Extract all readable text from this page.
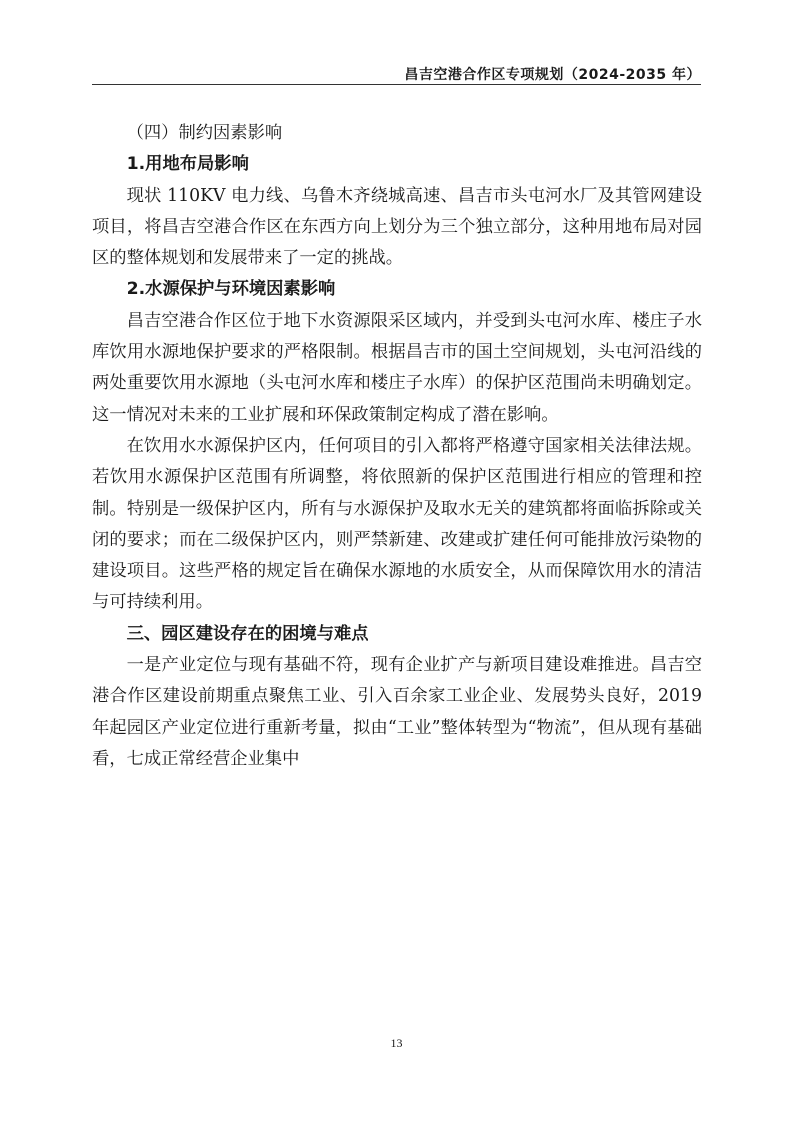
昌吉空港合作区专项规划（2024-2035 年）

（四）制约因素影响

1.用地布局影响

现状 110KV 电力线、乌鲁木齐绕城高速、昌吉市头屯河水厂及其管网建设项目，将昌吉空港合作区在东西方向上划分为三个独立部分，这种用地布局对园区的整体规划和发展带来了一定的挑战。

2.水源保护与环境因素影响

昌吉空港合作区位于地下水资源限采区域内，并受到头屯河水库、楼庄子水库饮用水源地保护要求的严格限制。根据昌吉市的国土空间规划，头屯河沿线的两处重要饮用水源地（头屯河水库和楼庄子水库）的保护区范围尚未明确划定。这一情况对未来的工业扩展和环保政策制定构成了潜在影响。

在饮用水水源保护区内，任何项目的引入都将严格遵守国家相关法律法规。若饮用水源保护区范围有所调整，将依照新的保护区范围进行相应的管理和控制。特别是一级保护区内，所有与水源保护及取水无关的建筑都将面临拆除或关闭的要求；而在二级保护区内，则严禁新建、改建或扩建任何可能排放污染物的建设项目。这些严格的规定旨在确保水源地的水质安全，从而保障饮用水的清洁与可持续利用。

三、园区建设存在的困境与难点

一是产业定位与现有基础不符，现有企业扩产与新项目建设难推进。昌吉空港合作区建设前期重点聚焦工业、引入百余家工业企业、发展势头良好，2019 年起园区产业定位进行重新考量，拟由“工业”整体转型为“物流”，但从现有基础看，七成正常经营企业集中

13
